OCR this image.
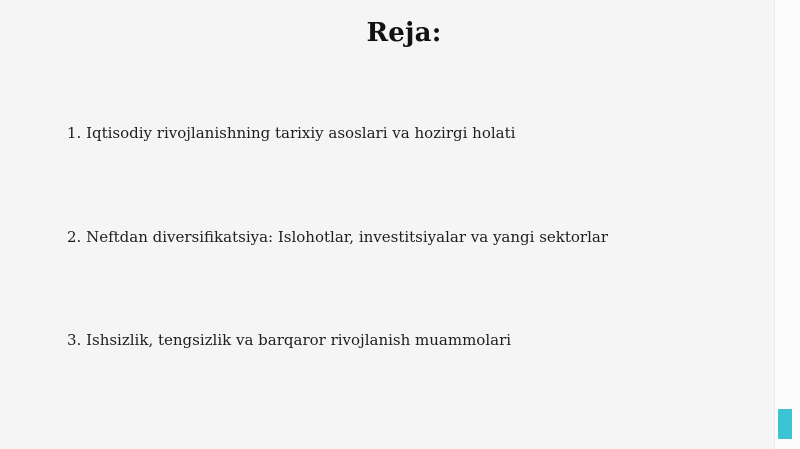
Reja:
1. Iqtisodiy rivojlanishning tarixiy asoslari va hozirgi holati
2. Neftdan diversifikatsiya: Islohotlar, investitsiyalar va yangi sektorlar
3. Ishsizlik, tengsizlik va barqaror rivojlanish muammolari
